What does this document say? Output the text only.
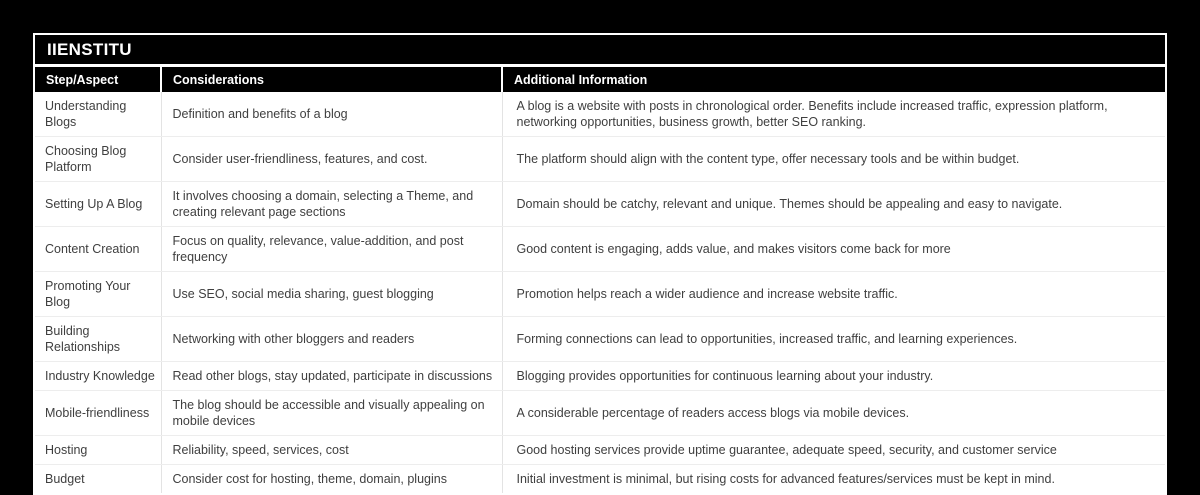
IIENSTITU
Step/Aspect	Considerations	Additional Information
Understanding Blogs	Definition and benefits of a blog	A blog is a website with posts in chronological order. Benefits include increased traffic, expression platform, networking opportunities, business growth, better SEO ranking.
Choosing Blog Platform	Consider user-friendliness, features, and cost.	The platform should align with the content type, offer necessary tools and be within budget.
Setting Up A Blog	It involves choosing a domain, selecting a Theme, and creating relevant page sections	Domain should be catchy, relevant and unique. Themes should be appealing and easy to navigate.
Content Creation	Focus on quality, relevance, value-addition, and post frequency	Good content is engaging, adds value, and makes visitors come back for more
Promoting Your Blog	Use SEO, social media sharing, guest blogging	Promotion helps reach a wider audience and increase website traffic.
Building Relationships	Networking with other bloggers and readers	Forming connections can lead to opportunities, increased traffic, and learning experiences.
Industry Knowledge	Read other blogs, stay updated, participate in discussions	Blogging provides opportunities for continuous learning about your industry.
Mobile-friendliness	The blog should be accessible and visually appealing on mobile devices	A considerable percentage of readers access blogs via mobile devices.
Hosting	Reliability, speed, services, cost	Good hosting services provide uptime guarantee, adequate speed, security, and customer service
Budget	Consider cost for hosting, theme, domain, plugins	Initial investment is minimal, but rising costs for advanced features/services must be kept in mind.
